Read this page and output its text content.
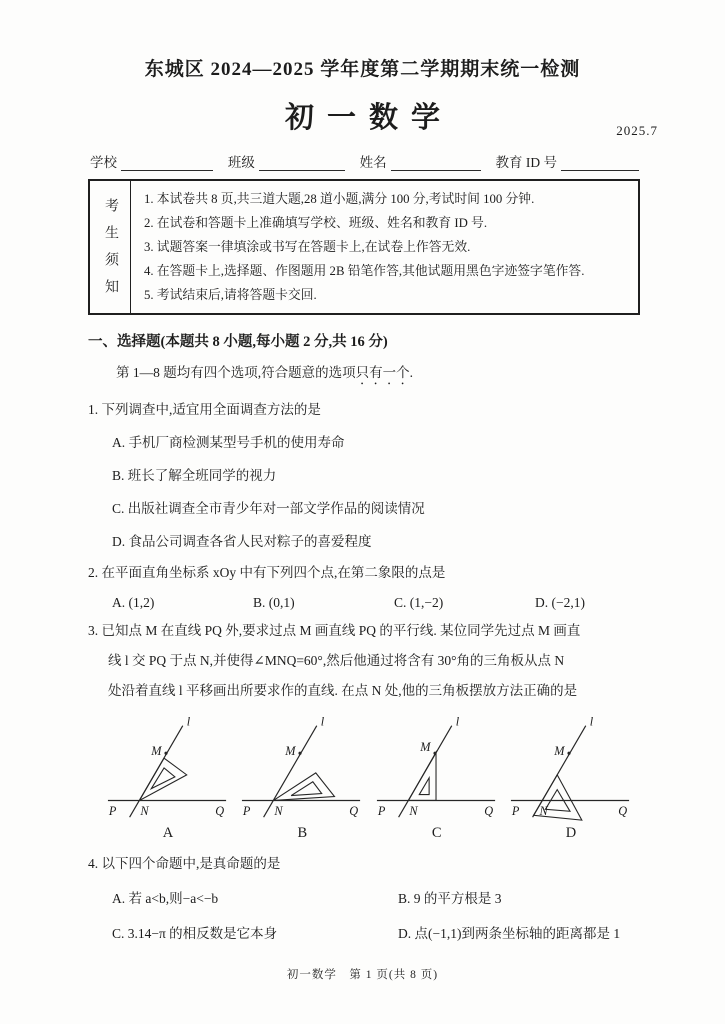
东城区 2024—2025 学年度第二学期期末统一检测
初一数学	2025.7
学校	班级	姓名	教育 ID 号
考生须知 1. 本试卷共 8 页,共三道大题,28 道小题,满分 100 分,考试时间 100 分钟.
2. 在试卷和答题卡上准确填写学校、班级、姓名和教育 ID 号.
3. 试题答案一律填涂或书写在答题卡上,在试卷上作答无效.
4. 在答题卡上,选择题、作图题用 2B 铅笔作答,其他试题用黑色字迹签字笔作答.
5. 考试结束后,请将答题卡交回.
一、选择题(本题共 8 小题,每小题 2 分,共 16 分)
第 1—8 题均有四个选项,符合题意的选项只有一个.
1. 下列调查中,适宜用全面调查方法的是
A. 手机厂商检测某型号手机的使用寿命
B. 班长了解全班同学的视力
C. 出版社调查全市青少年对一部文学作品的阅读情况
D. 食品公司调查各省人民对粽子的喜爱程度
2. 在平面直角坐标系 xOy 中有下列四个点,在第二象限的点是
A. (1,2)	B. (0,1)	C. (1,−2)	D. (−2,1)
3. 已知点 M 在直线 PQ 外,要求过点 M 画直线 PQ 的平行线. 某位同学先过点 M 画直
线 l 交 PQ 于点 N,并使得∠MNQ=60°,然后他通过将含有 30°角的三角板从点 N
处沿着直线 l 平移画出所要求作的直线. 在点 N 处,他的三角板摆放方法正确的是
l
M
P N	Q
A
l
M
P N	Q
B
l
M
P N	Q
C
l
M
P N	Q
D
4. 以下四个命题中,是真命题的是
A. 若 a<b,则−a<−b	B. 9 的平方根是 3
C. 3.14−π 的相反数是它本身	D. 点(−1,1)到两条坐标轴的距离都是 1
初一数学　第 1 页(共 8 页)
